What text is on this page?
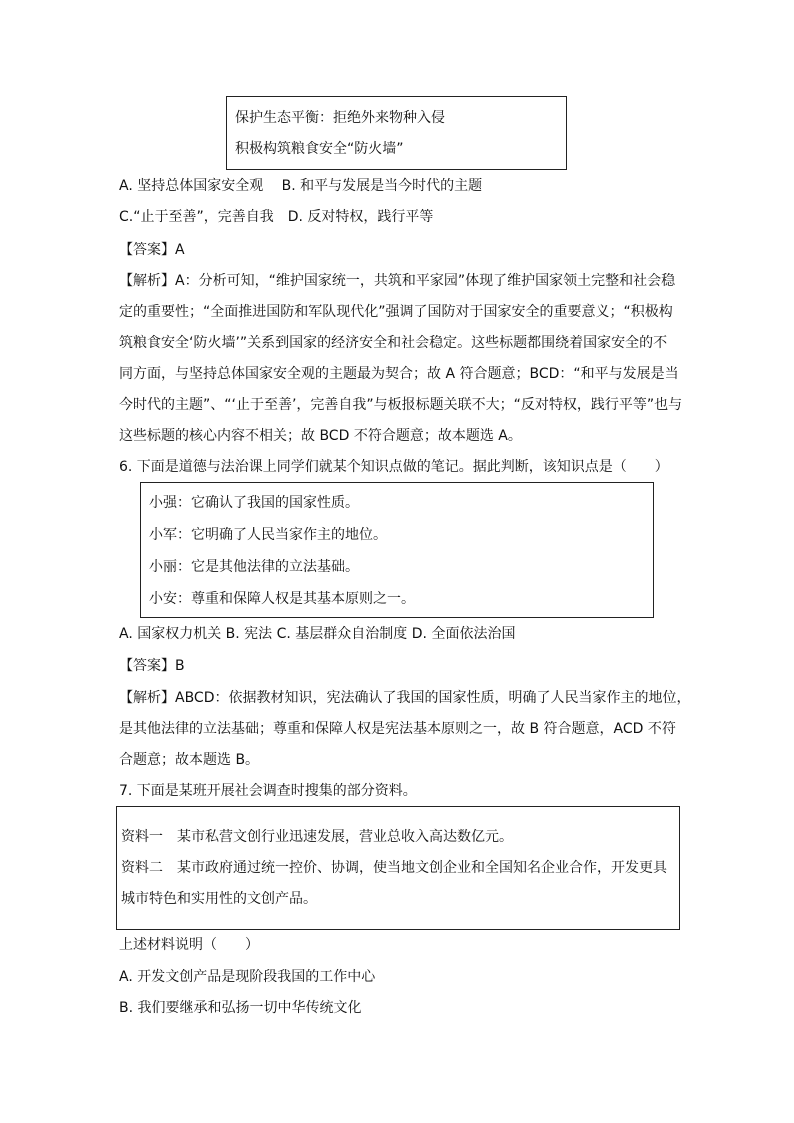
保护生态平衡：拒绝外来物种入侵
积极构筑粮食安全“防火墙”
A. 坚持总体国家安全观　 B. 和平与发展是当今时代的主题
C.“止于至善”，完善自我　D. 反对特权，践行平等
【答案】A
【解析】A：分析可知，“维护国家统一，共筑和平家园”体现了维护国家领土完整和社会稳
定的重要性；“全面推进国防和军队现代化”强调了国防对于国家安全的重要意义；“积极构
筑粮食安全‘防火墙’”关系到国家的经济安全和社会稳定。这些标题都围绕着国家安全的不
同方面，与坚持总体国家安全观的主题最为契合；故 A 符合题意；BCD：“和平与发展是当
今时代的主题”、“‘止于至善’，完善自我”与板报标题关联不大；“反对特权，践行平等”也与
这些标题的核心内容不相关；故 BCD 不符合题意；故本题选 A。
6. 下面是道德与法治课上同学们就某个知识点做的笔记。据此判断，该知识点是（　　）
小强：它确认了我国的国家性质。
小军：它明确了人民当家作主的地位。
小丽：它是其他法律的立法基础。
小安：尊重和保障人权是其基本原则之一。
A. 国家权力机关 B. 宪法 C. 基层群众自治制度 D. 全面依法治国
【答案】B
【解析】ABCD：依据教材知识，宪法确认了我国的国家性质，明确了人民当家作主的地位，
是其他法律的立法基础；尊重和保障人权是宪法基本原则之一，故 B 符合题意，ACD 不符
合题意；故本题选 B。
7. 下面是某班开展社会调查时搜集的部分资料。
资料一　某市私营文创行业迅速发展，营业总收入高达数亿元。
资料二　某市政府通过统一控价、协调，使当地文创企业和全国知名企业合作，开发更具
城市特色和实用性的文创产品。
上述材料说明（　　）
A. 开发文创产品是现阶段我国的工作中心
B. 我们要继承和弘扬一切中华传统文化
